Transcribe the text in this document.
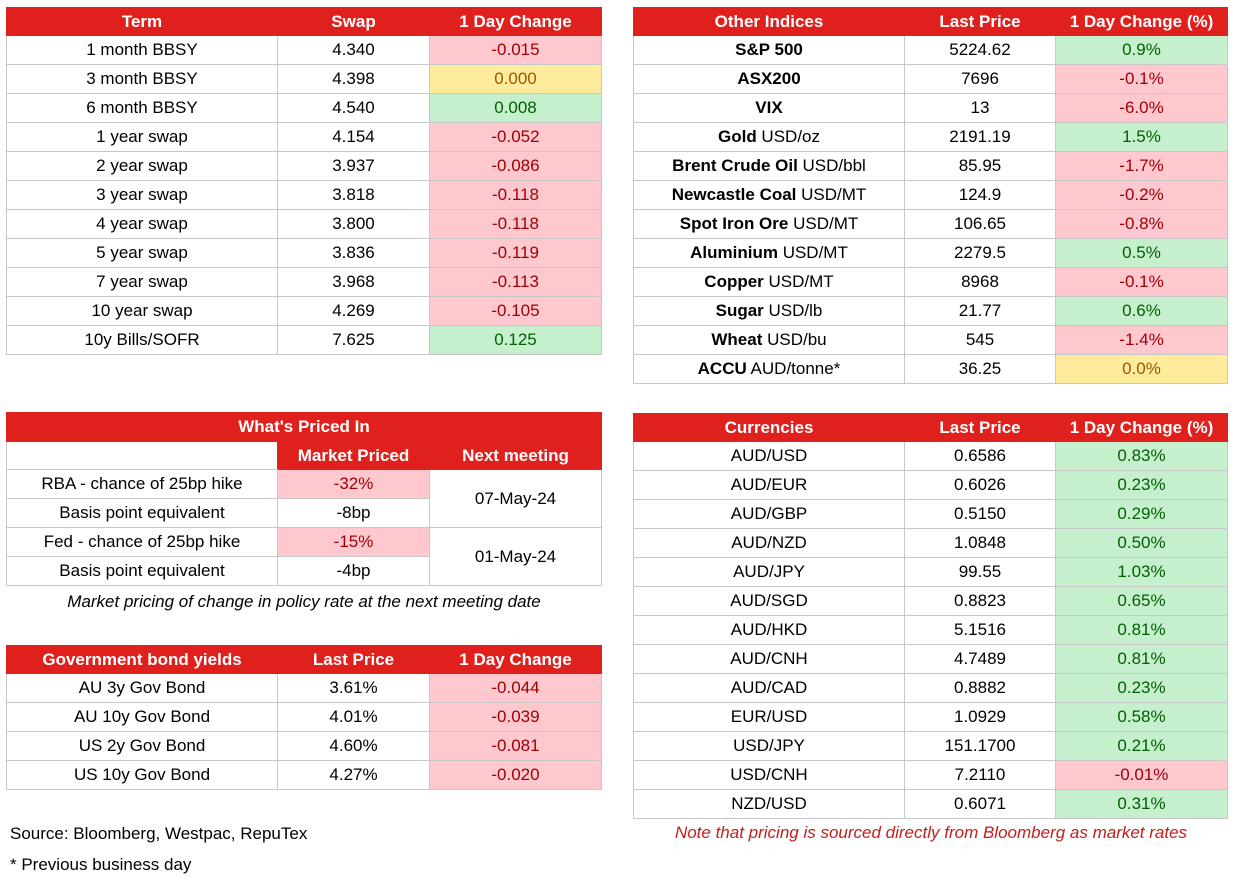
Term	Swap	1 Day Change
1 month BBSY	4.340	-0.015
3 month BBSY	4.398	0.000
6 month BBSY	4.540	0.008
1 year swap	4.154	-0.052
2 year swap	3.937	-0.086
3 year swap	3.818	-0.118
4 year swap	3.800	-0.118
5 year swap	3.836	-0.119
7 year swap	3.968	-0.113
10 year swap	4.269	-0.105
10y Bills/SOFR	7.625	0.125
Other Indices	Last Price	1 Day Change (%)
S&P 500	5224.62	0.9%
ASX200	7696	-0.1%
VIX	13	-6.0%
Gold USD/oz	2191.19	1.5%
Brent Crude Oil USD/bbl	85.95	-1.7%
Newcastle Coal USD/MT	124.9	-0.2%
Spot Iron Ore USD/MT	106.65	-0.8%
Aluminium USD/MT	2279.5	0.5%
Copper USD/MT	8968	-0.1%
Sugar USD/lb	21.77	0.6%
Wheat USD/bu	545	-1.4%
ACCU AUD/tonne*	36.25	0.0%
What's Priced In		
	Market Priced	Next meeting
RBA - chance of 25bp hike	-32%	07-May-24
Basis point equivalent	-8bp	
Fed - chance of 25bp hike	-15%	01-May-24
Basis point equivalent	-4bp	
Market pricing of change in policy rate at the next meeting date
Government bond yields	Last Price	1 Day Change
AU 3y Gov Bond	3.61%	-0.044
AU 10y Gov Bond	4.01%	-0.039
US 2y Gov Bond	4.60%	-0.081
US 10y Gov Bond	4.27%	-0.020
Currencies	Last Price	1 Day Change (%)
AUD/USD	0.6586	0.83%
AUD/EUR	0.6026	0.23%
AUD/GBP	0.5150	0.29%
AUD/NZD	1.0848	0.50%
AUD/JPY	99.55	1.03%
AUD/SGD	0.8823	0.65%
AUD/HKD	5.1516	0.81%
AUD/CNH	4.7489	0.81%
AUD/CAD	0.8882	0.23%
EUR/USD	1.0929	0.58%
USD/JPY	151.1700	0.21%
USD/CNH	7.2110	-0.01%
NZD/USD	0.6071	0.31%
Source: Bloomberg, Westpac, RepuTex
* Previous business day
Note that pricing is sourced directly from Bloomberg as market rates
